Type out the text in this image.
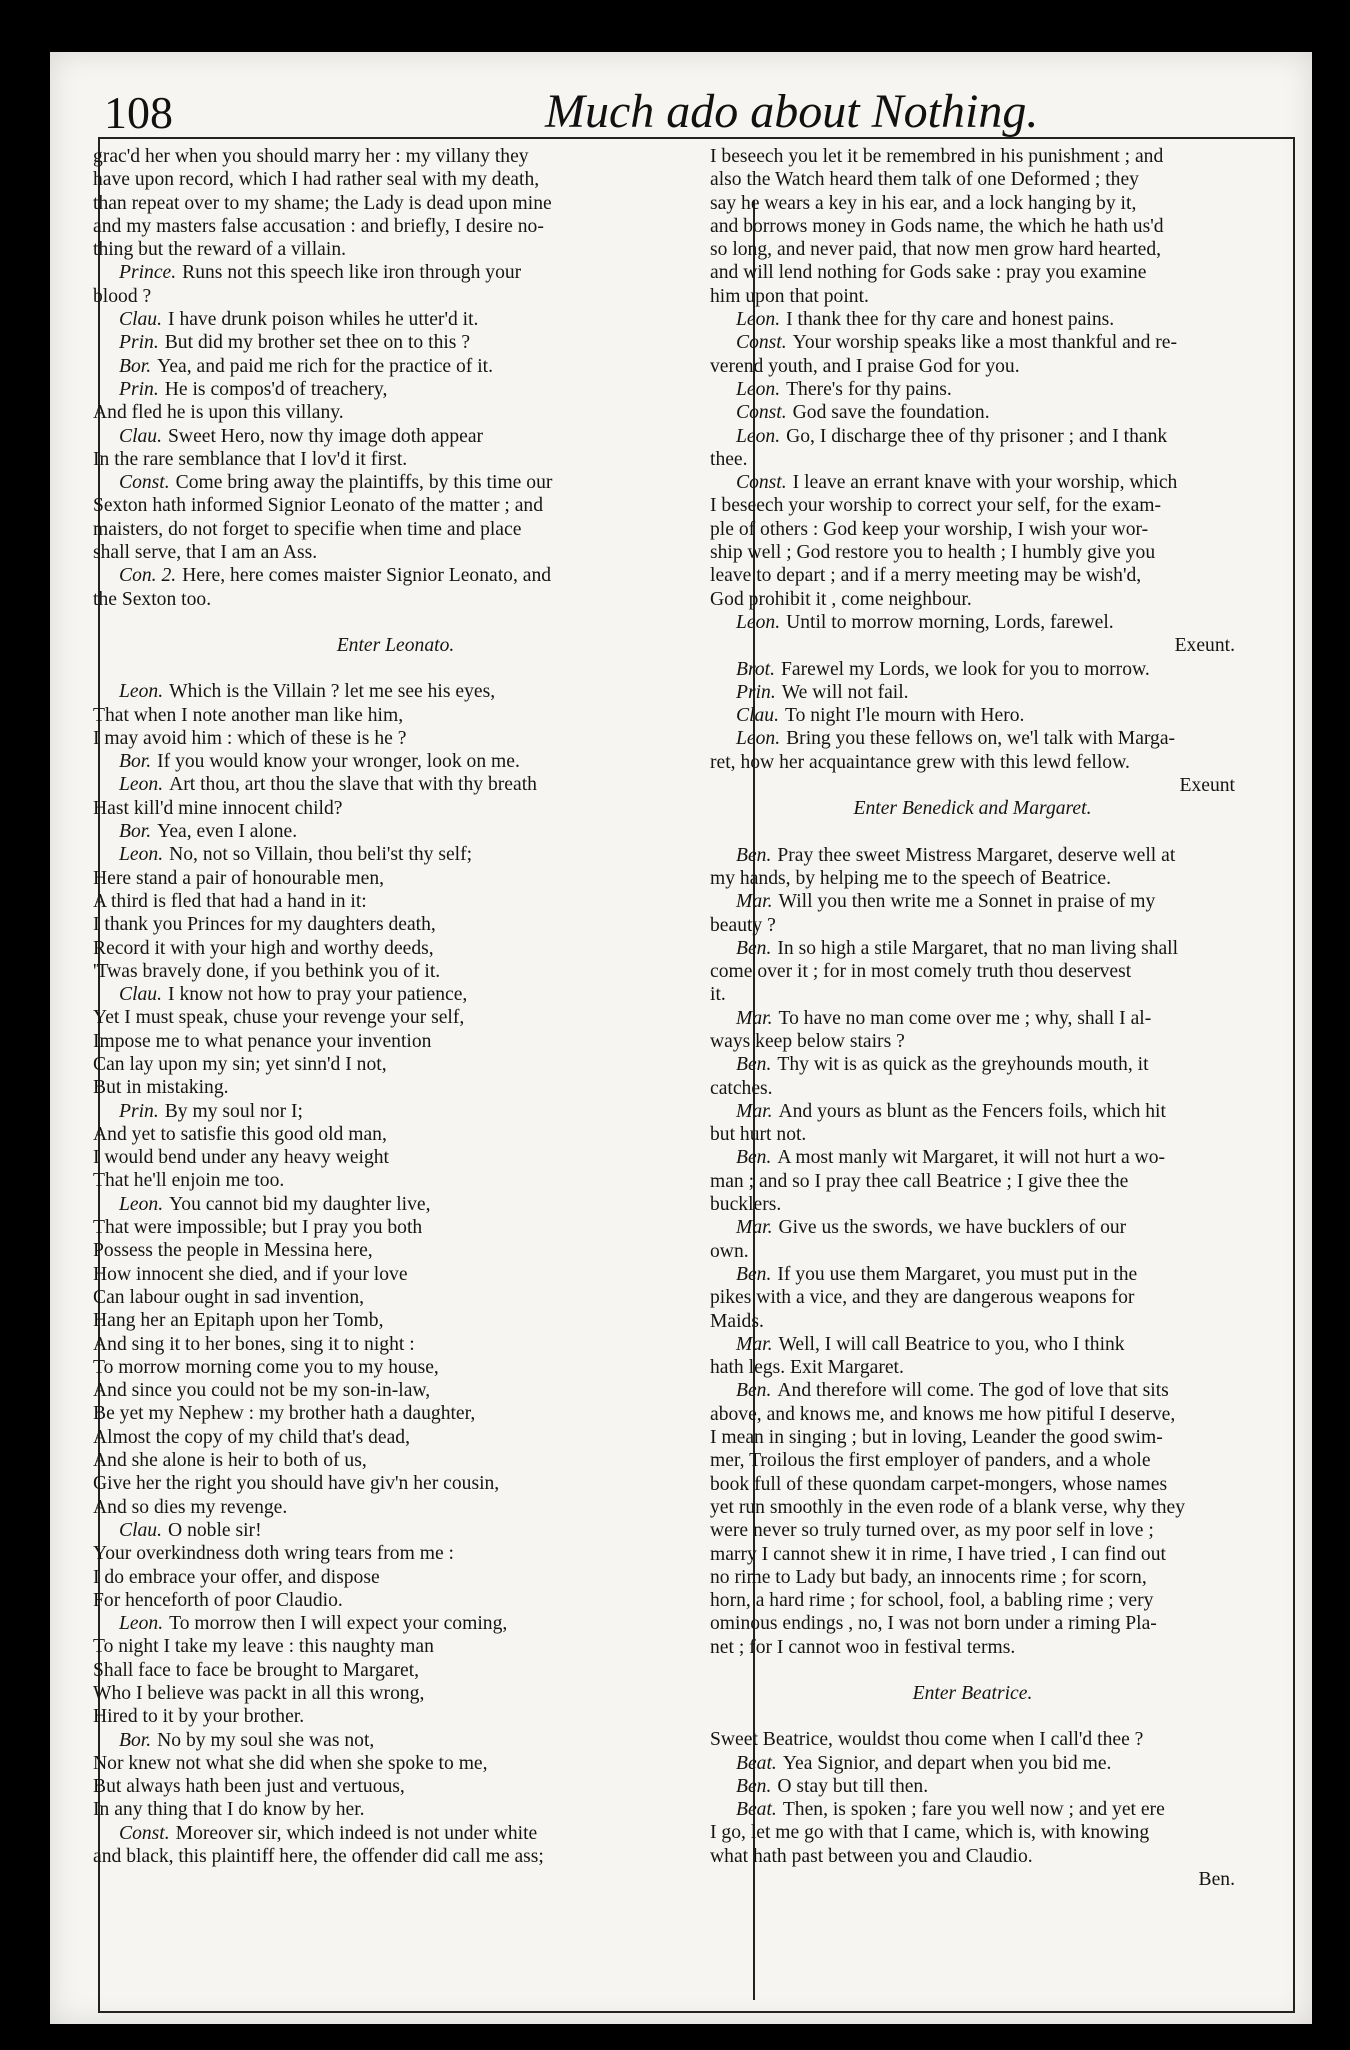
108	Much ado about Nothing.
grac'd her when you should marry her : my villany they
have upon record, which I had rather seal with my death,
than repeat over to my shame; the Lady is dead upon mine
and my masters false accusation : and briefly, I desire no-
thing but the reward of a villain.
Prince. Runs not this speech like iron through your
blood ?
Clau. I have drunk poison whiles he utter'd it.
Prin. But did my brother set thee on to this ?
Bor. Yea, and paid me rich for the practice of it.
Prin. He is compos'd of treachery,
And fled he is upon this villany.
Clau. Sweet Hero, now thy image doth appear
In the rare semblance that I lov'd it first.
Const. Come bring away the plaintiffs, by this time our
Sexton hath informed Signior Leonato of the matter ; and
maisters, do not forget to specifie when time and place
shall serve, that I am an Ass.
Con. 2. Here, here comes maister Signior Leonato, and
the Sexton too.
Enter Leonato.
Leon. Which is the Villain ? let me see his eyes,
That when I note another man like him,
I may avoid him : which of these is he ?
Bor. If you would know your wronger, look on me.
Leon. Art thou, art thou the slave that with thy breath
Hast kill'd mine innocent child?
Bor. Yea, even I alone.
Leon. No, not so Villain, thou beli'st thy self;
Here stand a pair of honourable men,
A third is fled that had a hand in it:
I thank you Princes for my daughters death,
Record it with your high and worthy deeds,
'Twas bravely done, if you bethink you of it.
Clau. I know not how to pray your patience,
Yet I must speak, chuse your revenge your self,
Impose me to what penance your invention
Can lay upon my sin; yet sinn'd I not,
But in mistaking.
Prin. By my soul nor I;
And yet to satisfie this good old man,
I would bend under any heavy weight
That he'll enjoin me too.
Leon. You cannot bid my daughter live,
That were impossible; but I pray you both
Possess the people in Messina here,
How innocent she died, and if your love
Can labour ought in sad invention,
Hang her an Epitaph upon her Tomb,
And sing it to her bones, sing it to night :
To morrow morning come you to my house,
And since you could not be my son-in-law,
Be yet my Nephew : my brother hath a daughter,
Almost the copy of my child that's dead,
And she alone is heir to both of us,
Give her the right you should have giv'n her cousin,
And so dies my revenge.
Clau. O noble sir!
Your overkindness doth wring tears from me :
I do embrace your offer, and dispose
For henceforth of poor Claudio.
Leon. To morrow then I will expect your coming,
To night I take my leave : this naughty man
Shall face to face be brought to Margaret,
Who I believe was packt in all this wrong,
Hired to it by your brother.
Bor. No by my soul she was not,
Nor knew not what she did when she spoke to me,
But always hath been just and vertuous,
In any thing that I do know by her.
Const. Moreover sir, which indeed is not under white
and black, this plaintiff here, the offender did call me ass;
I beseech you let it be remembred in his punishment ; and
also the Watch heard them talk of one Deformed ; they
say he wears a key in his ear, and a lock hanging by it,
and borrows money in Gods name, the which he hath us'd
so long, and never paid, that now men grow hard hearted,
and will lend nothing for Gods sake : pray you examine
him upon that point.
Leon. I thank thee for thy care and honest pains.
Const. Your worship speaks like a most thankful and re-
verend youth, and I praise God for you.
Leon. There's for thy pains.
Const. God save the foundation.
Leon. Go, I discharge thee of thy prisoner ; and I thank
thee.
Const. I leave an errant knave with your worship, which
I beseech your worship to correct your self, for the exam-
ple of others : God keep your worship, I wish your wor-
ship well ; God restore you to health ; I humbly give you
leave to depart ; and if a merry meeting may be wish'd,
God prohibit it , come neighbour.
Leon. Until to morrow morning, Lords, farewel.
Exeunt.
Brot. Farewel my Lords, we look for you to morrow.
Prin. We will not fail.
Clau. To night I'le mourn with Hero.
Leon. Bring you these fellows on, we'l talk with Marga-
ret, how her acquaintance grew with this lewd fellow.
Exeunt
Enter Benedick and Margaret.
Ben. Pray thee sweet Mistress Margaret, deserve well at
my hands, by helping me to the speech of Beatrice.
Mar. Will you then write me a Sonnet in praise of my
beauty ?
Ben. In so high a stile Margaret, that no man living shall
come over it ; for in most comely truth thou deservest
it.
Mar. To have no man come over me ; why, shall I al-
ways keep below stairs ?
Ben. Thy wit is as quick as the greyhounds mouth, it
catches.
Mar. And yours as blunt as the Fencers foils, which hit
but hurt not.
Ben. A most manly wit Margaret, it will not hurt a wo-
man ; and so I pray thee call Beatrice ; I give thee the
bucklers.
Mar. Give us the swords, we have bucklers of our
own.
Ben. If you use them Margaret, you must put in the
pikes with a vice, and they are dangerous weapons for
Maids.
Mar. Well, I will call Beatrice to you, who I think
hath legs. Exit Margaret.
Ben. And therefore will come. The god of love that sits
above, and knows me, and knows me how pitiful I deserve,
I mean in singing ; but in loving, Leander the good swim-
mer, Troilous the first employer of panders, and a whole
book full of these quondam carpet-mongers, whose names
yet run smoothly in the even rode of a blank verse, why they
were never so truly turned over, as my poor self in love ;
marry I cannot shew it in rime, I have tried , I can find out
no rime to Lady but bady, an innocents rime ; for scorn,
horn, a hard rime ; for school, fool, a babling rime ; very
ominous endings , no, I was not born under a riming Pla-
net ; for I cannot woo in festival terms.
Enter Beatrice.
Sweet Beatrice, wouldst thou come when I call'd thee ?
Beat. Yea Signior, and depart when you bid me.
Ben. O stay but till then.
Beat. Then, is spoken ; fare you well now ; and yet ere
I go, let me go with that I came, which is, with knowing
what hath past between you and Claudio.
Ben.
